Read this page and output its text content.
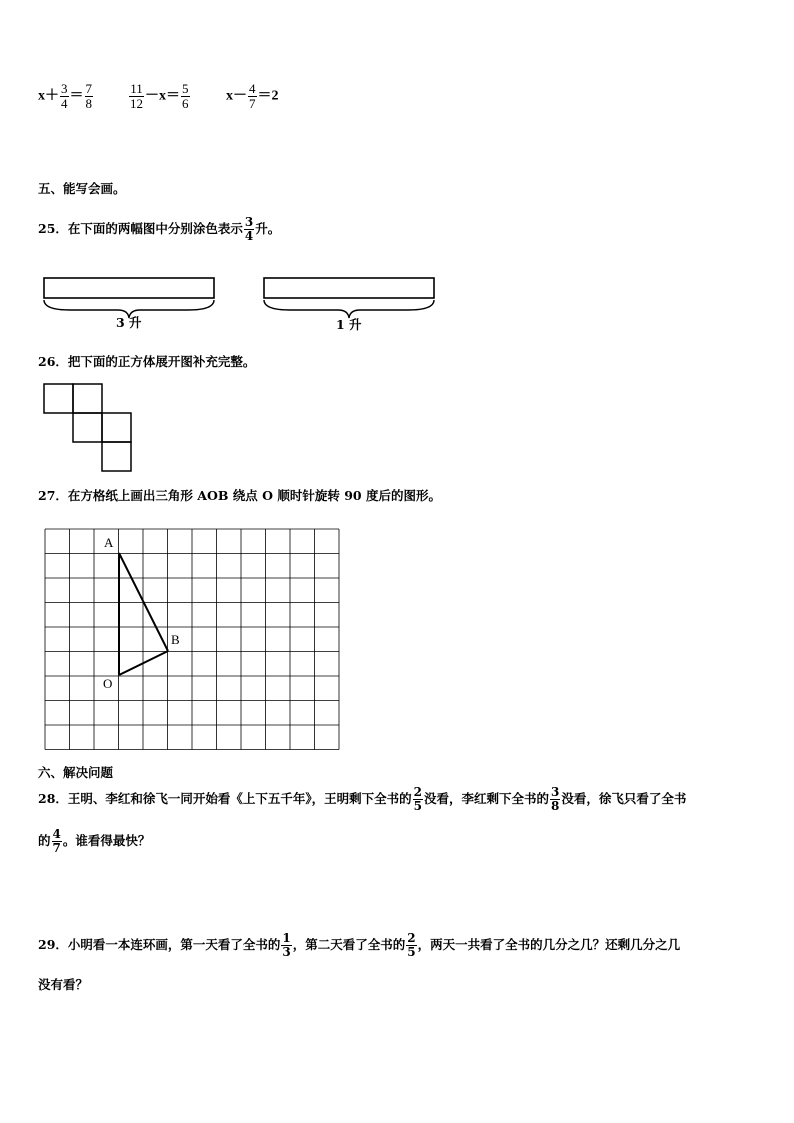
$x+ \frac{3}{4} = \frac{7}{8}$	$\frac{11}{12} -x= \frac{5}{6}$	$x- \frac{4}{7} =2$
五、能写会画。
25．在下面的两幅图中分别涂色表示 $\frac{3}{4}$ 升。
3 升	1 升
26．把下面的正方体展开图补充完整。
27．在方格纸上画出三角形 AOB 绕点 O 顺时针旋转 90 度后的图形。
A
B
O
六、解决问题
28．王明、李红和徐飞一同开始看《上下五千年》，王明剩下全书的 $\frac{2}{5}$ 没看，李红剩下全书的 $\frac{3}{8}$ 没看，徐飞只看了全书
的 $\frac{4}{7}$ 。谁看得最快？
29．小明看一本连环画，第一天看了全书的 $\frac{1}{3}$ ，第二天看了全书的 $\frac{2}{5}$ ，两天一共看了全书的几分之几？还剩几分之几
没有看？
